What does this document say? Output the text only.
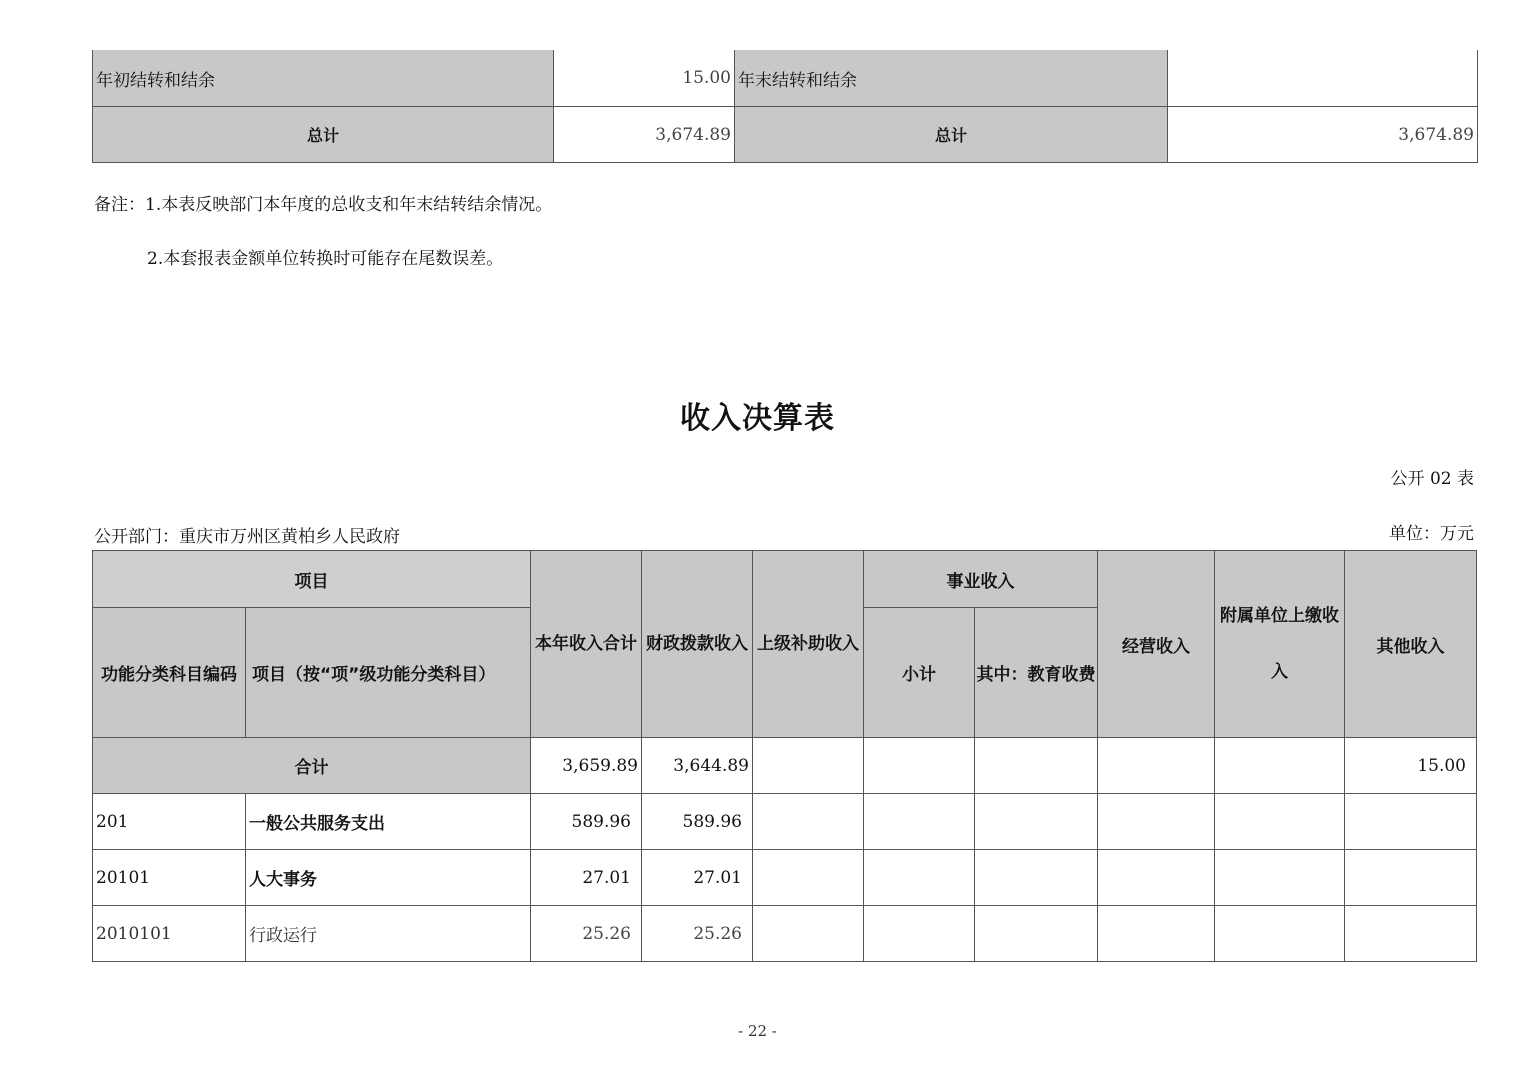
年初结转和结余	15.00	年末结转和结余	
总计	3,674.89	总计	3,674.89
备注：1.本表反映部门本年度的总收支和年末结转结余情况。
2.本套报表金额单位转换时可能存在尾数误差。
收入决算表
公开 02 表
公开部门：重庆市万州区黄柏乡人民政府	单位：万元
项目		本年收入合计	财政拨款收入	上级补助收入	事业收入		经营收入	附属单位上缴收入	其他收入
功能分类科目编码	项目（按“项”级功能分类科目）				小计	其中：教育收费			
合计		3,659.89	3,644.89						15.00
201	一般公共服务支出	589.96	589.96						
20101	人大事务	27.01	27.01						
2010101	行政运行	25.26	25.26						
- 22 -
